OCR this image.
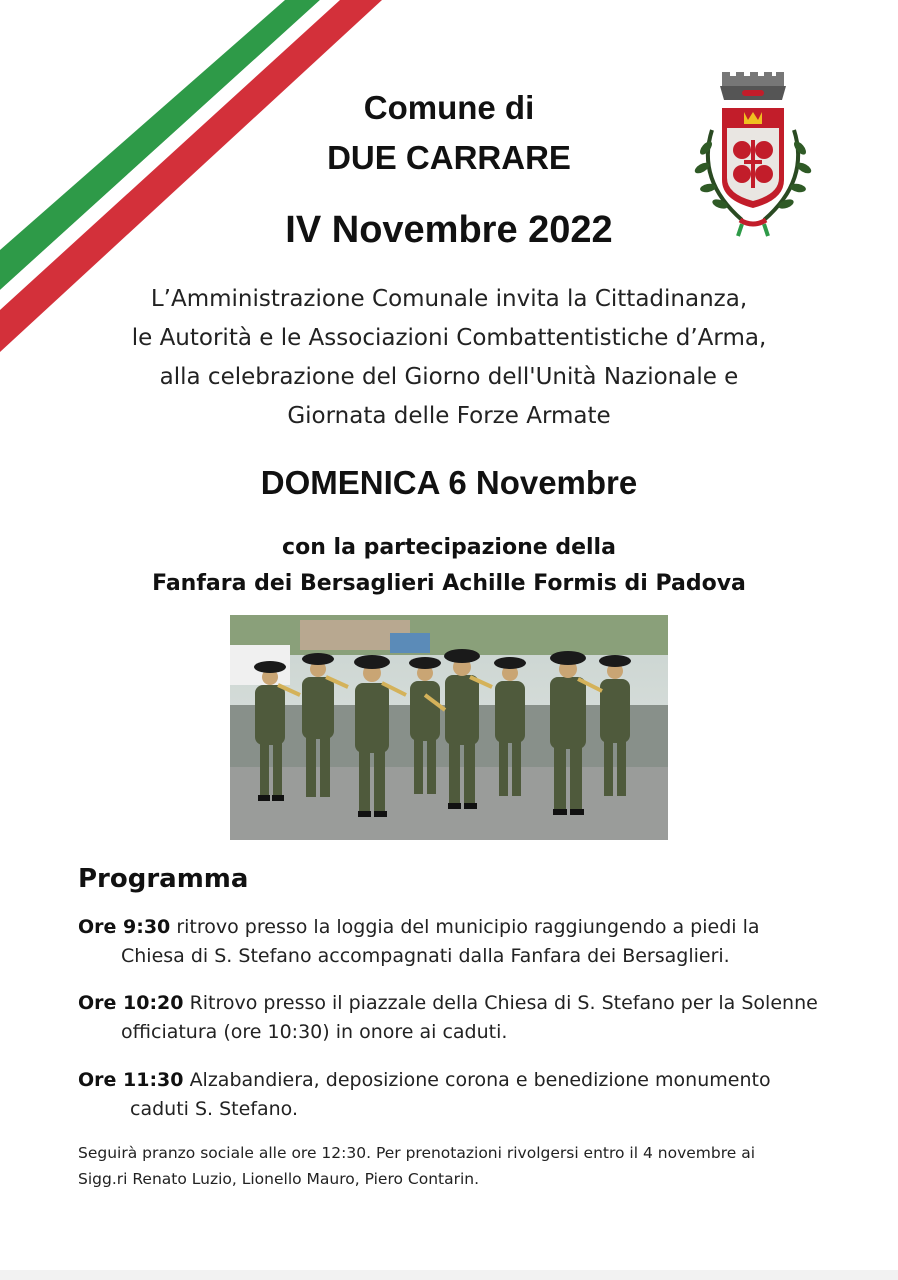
Comune di
DUE CARRARE
IV Novembre 2022
L’Amministrazione Comunale invita la Cittadinanza,
le Autorità e le Associazioni Combattentistiche d’Arma,
alla celebrazione del Giorno dell'Unità Nazionale e
Giornata delle Forze Armate
DOMENICA 6 Novembre
con la partecipazione della
Fanfara dei Bersaglieri Achille Formis di Padova
Programma
Ore 9:30 ritrovo presso la loggia del municipio raggiungendo a piedi la
Chiesa di S. Stefano accompagnati dalla Fanfara dei Bersaglieri.
Ore 10:20 Ritrovo presso il piazzale della Chiesa di S. Stefano per la Solenne
officiatura (ore 10:30) in onore ai caduti.
Ore 11:30 Alzabandiera, deposizione corona e benedizione monumento
caduti S. Stefano.
Seguirà pranzo sociale alle ore 12:30. Per prenotazioni rivolgersi entro il 4 novembre ai
Sigg.ri Renato Luzio, Lionello Mauro, Piero Contarin.
